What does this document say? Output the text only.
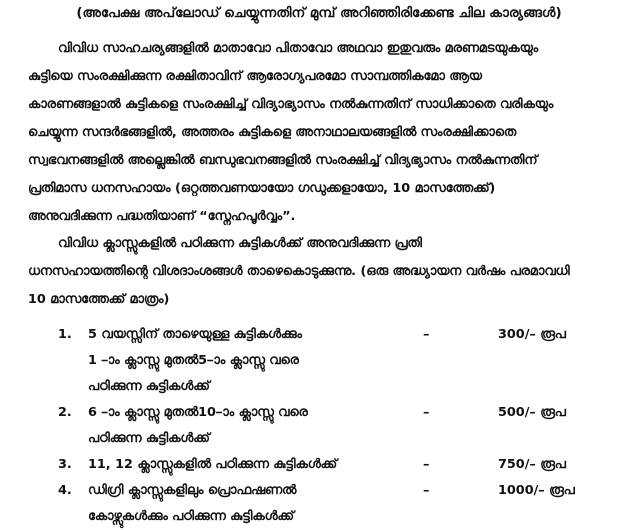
(അപേക്ഷ അപ്‌ലോഡ് ചെയ്യുന്നതിന് മുമ്പ് അറിഞ്ഞിരിക്കേണ്ട ചില കാര്യങ്ങൾ)
വിവിധ സാഹചര്യങ്ങളിൽ മാതാവോ പിതാവോ അഥവാ ഇതുവരും മരണമടയുകയും
കുട്ടിയെ സംരക്ഷിക്കുന്ന രക്ഷിതാവിന് ആരോഗ്യപരമോ സാമ്പത്തികമോ ആയ
കാരണങ്ങളാൽ കുട്ടികളെ സംരക്ഷിച്ച് വിദ്യാഭ്യാസം നൽകുന്നതിന് സാധിക്കാതെ വരികയും
ചെയ്യുന്ന സന്ദർഭങ്ങളിൽ, അത്തരം കുട്ടികളെ അനാഥാലയങ്ങളിൽ സംരക്ഷിക്കാതെ
സ്വഭവനങ്ങളിൽ അല്ലെങ്കിൽ ബന്ധുഭവനങ്ങളിൽ സംരക്ഷിച്ച് വിദ്യഭ്യാസം നൽകുന്നതിന്
പ്രതിമാസ ധനസഹായം (ഒറ്റത്തവണയായോ ഗഡുക്കളായോ, 10 മാസത്തേക്ക്)
അനുവദിക്കുന്ന പദ്ധതിയാണ് “സ്നേഹപൂർവ്വം”.
വിവിധ ക്ലാസ്സുകളിൽ പഠിക്കുന്ന കുട്ടികൾക്ക് അനുവദിക്കുന്ന പ്രതി
ധനസഹായത്തിന്റെ വിശദാംശങ്ങൾ താഴെകൊടുക്കുന്നു. (ഒരു അദ്ധ്യായന വർഷം പരമാവധി
10 മാസത്തേക്ക് മാത്രം)
1.	5 വയസ്സിന് താഴെയുള്ള കുട്ടികൾക്കും	–	300/– രൂപ
1 –ാം ക്ലാസ്സു മുതൽ5–ാം ക്ലാസ്സു വരെ
പഠിക്കുന്ന കുട്ടികൾക്ക്
2.	6 –ാം ക്ലാസ്സു മുതൽ10–ാം ക്ലാസ്സു വരെ	–	500/– രൂപ
പഠിക്കുന്ന കുട്ടികൾക്ക്
3.	11, 12 ക്ലാസ്സുകളിൽ പഠിക്കുന്ന കുട്ടികൾക്ക്	–	750/– രൂപ
4.	ഡിഗ്രി ക്ലാസ്സുകളിലും പ്രൊഫഷണൽ	–	1000/– രൂപ
കോഴ്സുകൾക്കും പഠിക്കുന്ന കുട്ടികൾക്ക്
